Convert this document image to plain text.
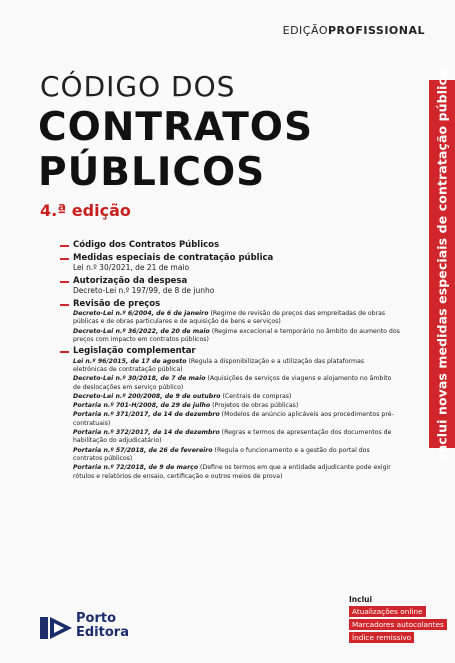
EDIÇÃOPROFISSIONAL
CÓDIGO DOS
CONTRATOS
PÚBLICOS
4.ª edição	Inclui novas medidas especiais de contratação pública
Código dos Contratos Públicos
Medidas especiais de contratação pública
Lei n.º 30/2021, de 21 de maio
Autorização da despesa
Decreto-Lei n.º 197/99, de 8 de junho
Revisão de preços
Decreto-Lei n.º 6/2004, de 6 de janeiro (Regime de revisão de preços das empreitadas de obras públicas e de obras particulares e de aquisição de bens e serviços)
Decreto-Lei n.º 36/2022, de 20 de maio (Regime excecional e temporário no âmbito do aumento dos preços com impacto em contratos públicos)
Legislação complementar
Lei n.º 96/2015, de 17 de agosto (Regula a disponibilização e a utilização das plataformas eletrónicas de contratação pública)
Decreto-Lei n.º 30/2018, de 7 de maio (Aquisições de serviços de viagens e alojamento no âmbito de deslocações em serviço público)
Decreto-Lei n.º 200/2008, de 9 de outubro (Centrais de compras)
Portaria n.º 701-H/2008, de 29 de julho (Projetos de obras públicas)
Portaria n.º 371/2017, de 14 de dezembro (Modelos de anúncio aplicáveis aos procedimentos pré-contratuais)
Portaria n.º 372/2017, de 14 de dezembro (Regras e termos de apresentação dos documentos de habilitação do adjudicatário)
Portaria n.º 57/2018, de 26 de fevereiro (Regula o funcionamento e a gestão do portal dos contratos públicos)
Portaria n.º 72/2018, de 9 de março (Define os termos em que a entidade adjudicante pode exigir rótulos e relatórios de ensaio, certificação e outros meios de prova)
Porto
Editora
Inclui
Atualizações online
Marcadores autocolantes
Índice remissivo
